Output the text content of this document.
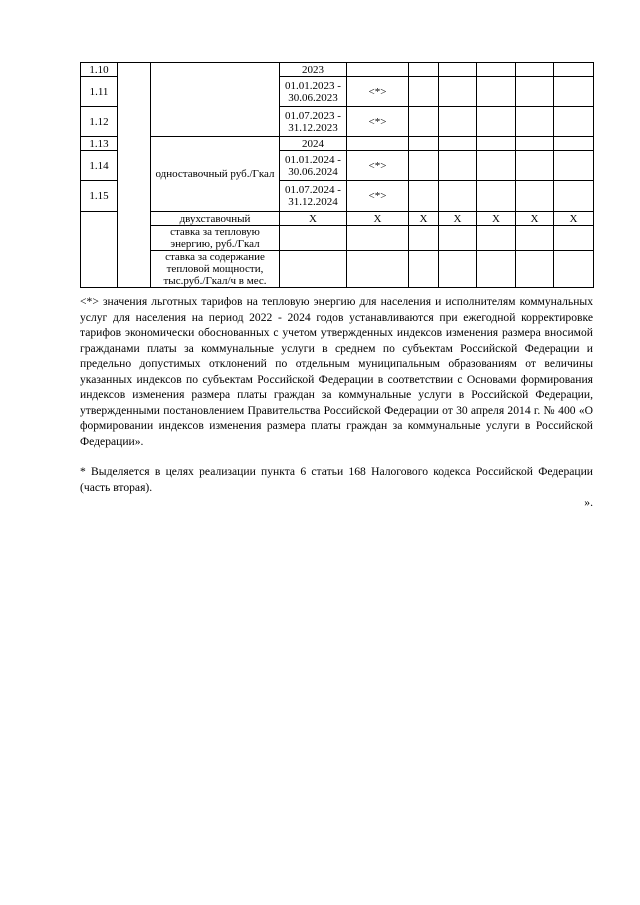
1.10			2023						
1.11			01.01.2023 - 30.06.2023	<*>					
1.12			01.07.2023 - 31.12.2023	<*>					
1.13		одноставочный руб./Гкал	2024						
1.14			01.01.2024 - 30.06.2024	<*>					
1.15			01.07.2024 - 31.12.2024	<*>					
		двухставочный	X	X	X	X	X	X	X
		ставка за тепловую энергию, руб./Гкал							
		ставка за содержание тепловой мощности, тыс.руб./Гкал/ч в мес.							

<*> значения льготных тарифов на тепловую энергию для населения и исполнителям коммунальных услуг для населения на период 2022 - 2024 годов устанавливаются при ежегодной корректировке тарифов экономически обоснованных с учетом утвержденных индексов изменения размера вносимой гражданами платы за коммунальные услуги в среднем по субъектам Российской Федерации и предельно допустимых отклонений по отдельным муниципальным образованиям от величины указанных индексов по субъектам Российской Федерации в соответствии с Основами формирования индексов изменения размера платы граждан за коммунальные услуги в Российской Федерации, утвержденными постановлением Правительства Российской Федерации от 30 апреля 2014 г. № 400 «О формировании индексов изменения размера платы граждан за коммунальные услуги в Российской Федерации».

* Выделяется в целях реализации пункта 6 статьи 168 Налогового кодекса Российской Федерации (часть вторая).

».
